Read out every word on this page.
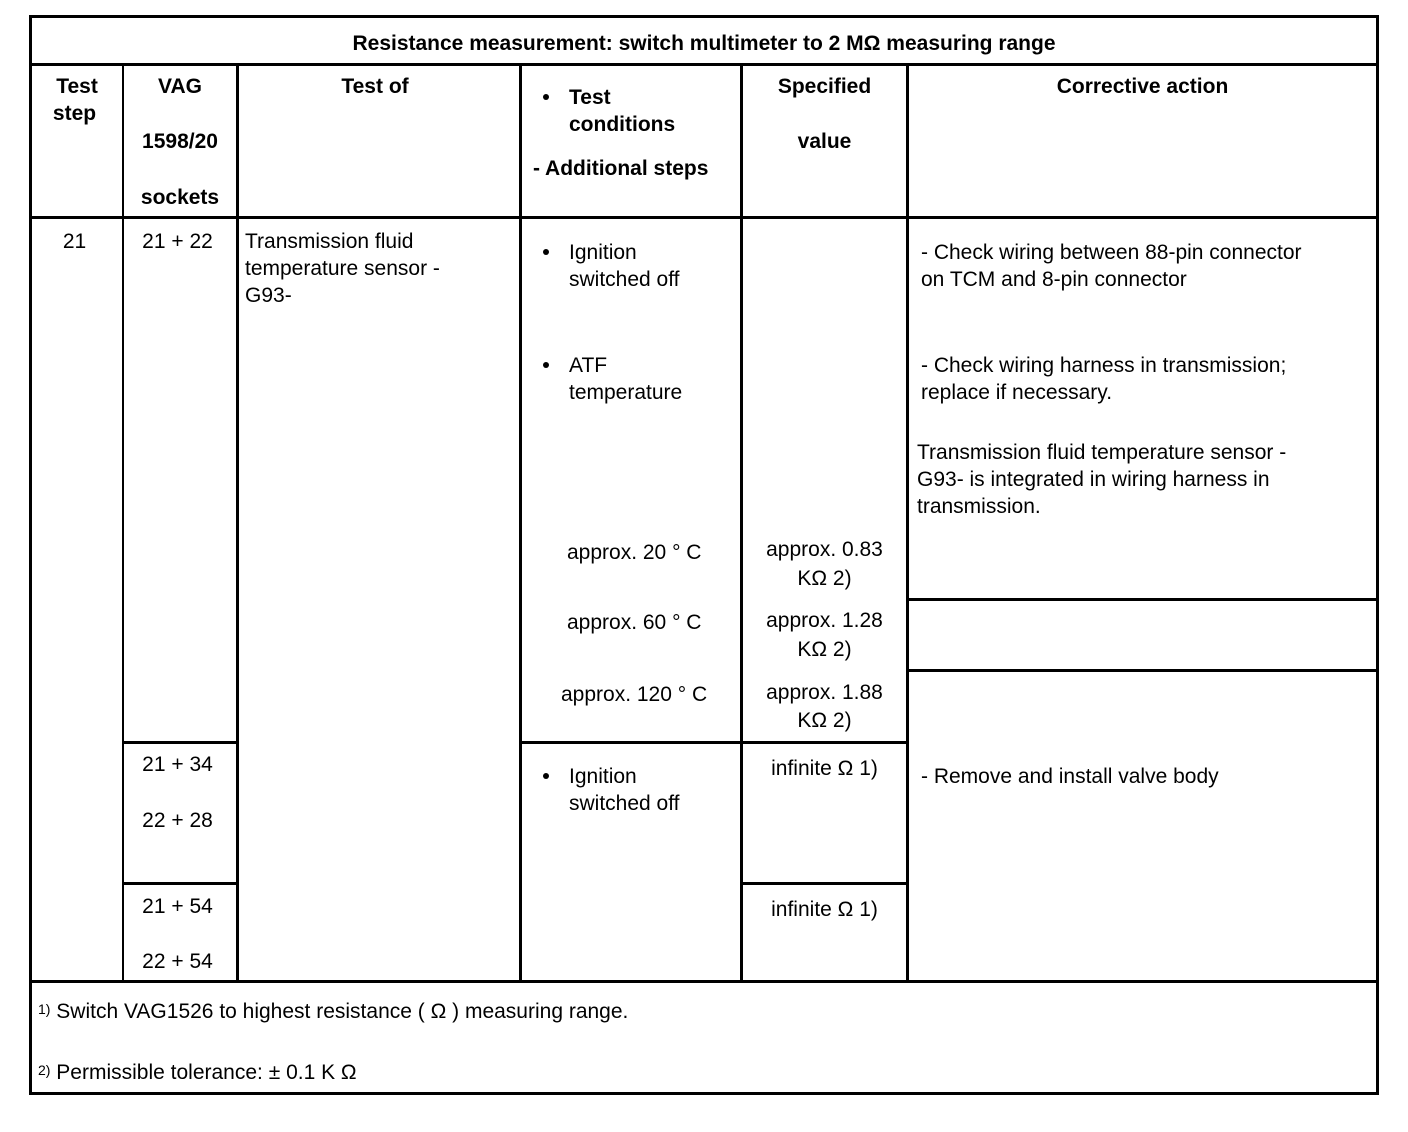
Resistance measurement: switch multimeter to 2 MΩ measuring range
Test
step
VAG
1598/20
sockets
Test of	Test
conditions
- Additional steps
Specified
value
Corrective action
21	21 + 22
21 + 34
22 + 28
21 + 54
22 + 54
Transmission fluid
temperature sensor -
G93-
Ignition
switched off
ATF
temperature
approx. 20 ° C
approx. 60 ° C
approx. 120 ° C
Ignition
switched off
approx. 0.83
KΩ 2)
approx. 1.28
KΩ 2)
approx. 1.88
KΩ 2)
infinite Ω 1)
infinite Ω 1)
- Check wiring between 88-pin connector
on TCM and 8-pin connector
- Check wiring harness in transmission;
replace if necessary.
Transmission fluid temperature sensor -
G93- is integrated in wiring harness in
transmission.
- Remove and install valve body
$^{1)}$ Switch VAG1526 to highest resistance ( Ω ) measuring range.
$^{2)}$ Permissible tolerance: ± 0.1 K Ω
